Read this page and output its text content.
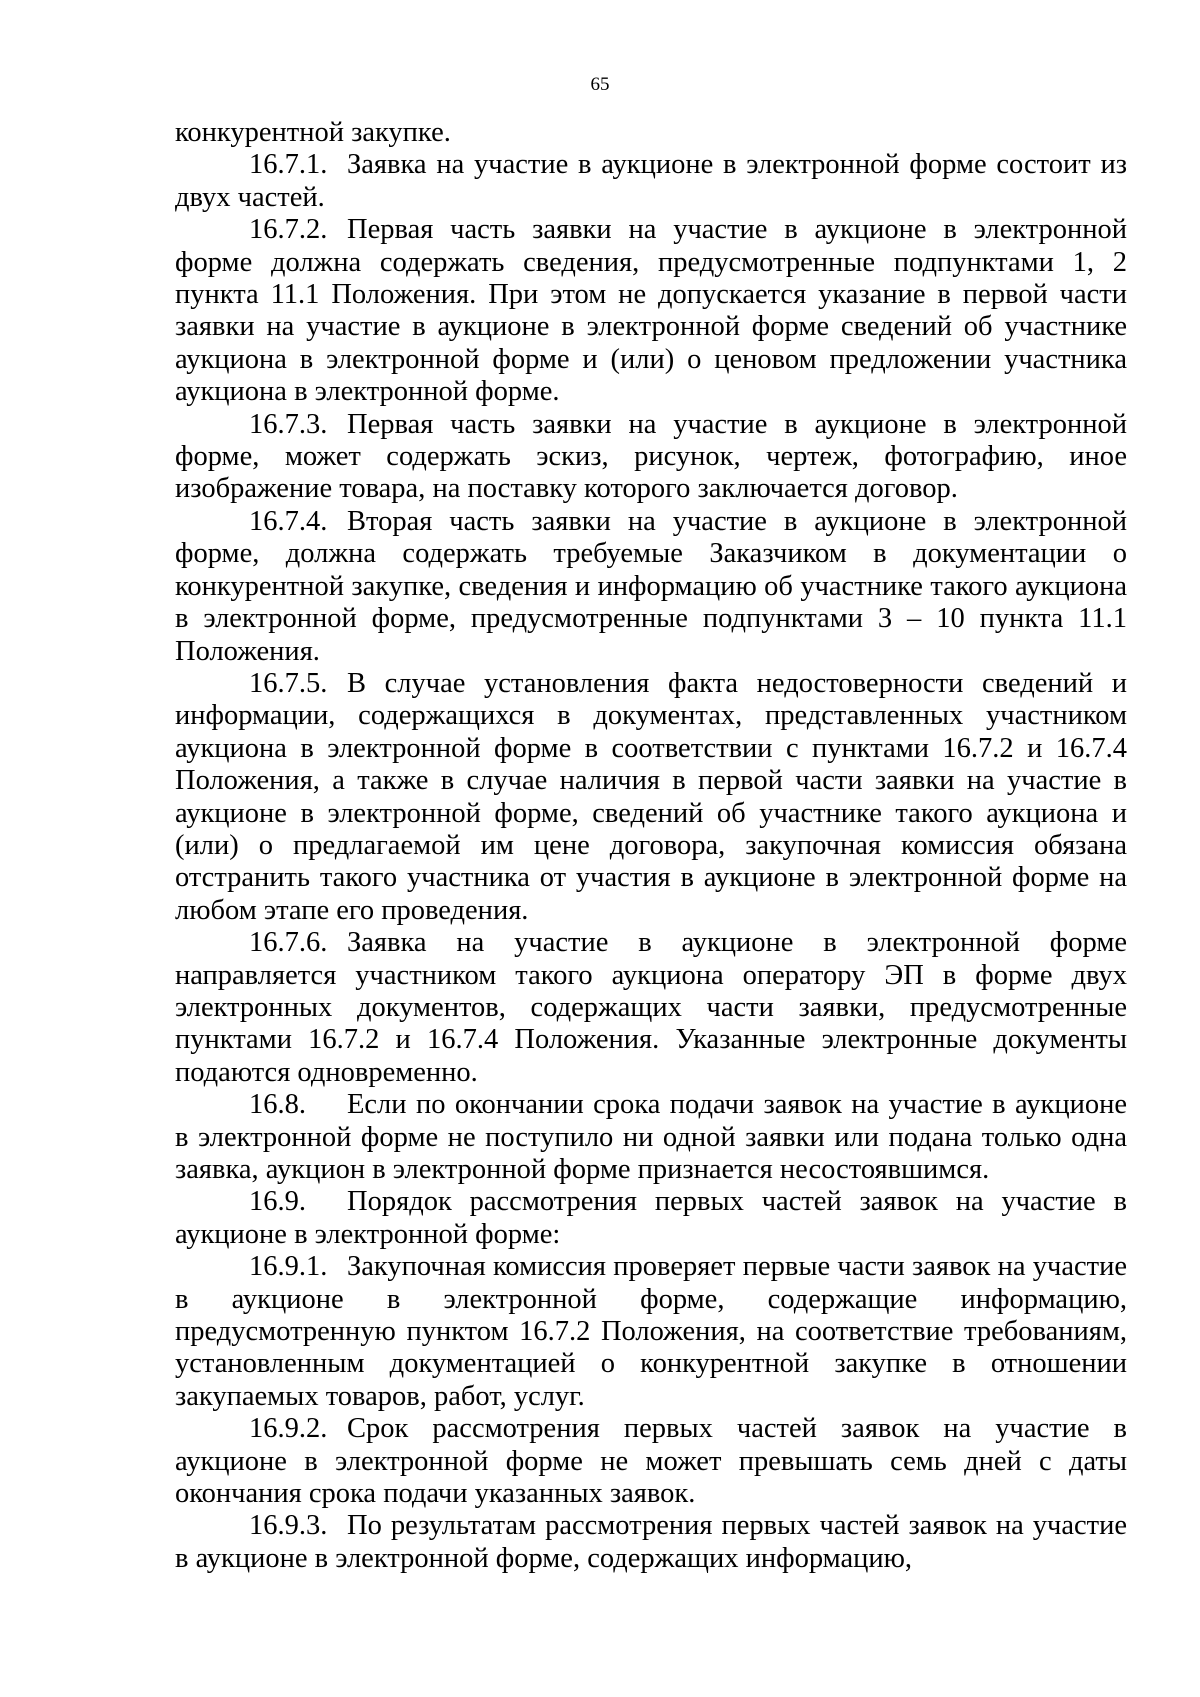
65

конкурентной закупке.

16.7.1. Заявка на участие в аукционе в электронной форме состоит из двух частей.

16.7.2. Первая часть заявки на участие в аукционе в электронной форме должна содержать сведения, предусмотренные подпунктами 1, 2 пункта 11.1 Положения. При этом не допускается указание в первой части заявки на участие в аукционе в электронной форме сведений об участнике аукциона в электронной форме и (или) о ценовом предложении участника аукциона в электронной форме.

16.7.3. Первая часть заявки на участие в аукционе в электронной форме, может содержать эскиз, рисунок, чертеж, фотографию, иное изображение товара, на поставку которого заключается договор.

16.7.4. Вторая часть заявки на участие в аукционе в электронной форме, должна содержать требуемые Заказчиком в документации о конкурентной закупке, сведения и информацию об участнике такого аукциона в электронной форме, предусмотренные подпунктами 3 – 10 пункта 11.1 Положения.

16.7.5. В случае установления факта недостоверности сведений и информации, содержащихся в документах, представленных участником аукциона в электронной форме в соответствии с пунктами 16.7.2 и 16.7.4 Положения, а также в случае наличия в первой части заявки на участие в аукционе в электронной форме, сведений об участнике такого аукциона и (или) о предлагаемой им цене договора, закупочная комиссия обязана отстранить такого участника от участия в аукционе в электронной форме на любом этапе его проведения.

16.7.6. Заявка на участие в аукционе в электронной форме направляется участником такого аукциона оператору ЭП в форме двух электронных документов, содержащих части заявки, предусмотренные пунктами 16.7.2 и 16.7.4 Положения. Указанные электронные документы подаются одновременно.

16.8. Если по окончании срока подачи заявок на участие в аукционе в электронной форме не поступило ни одной заявки или подана только одна заявка, аукцион в электронной форме признается несостоявшимся.

16.9. Порядок рассмотрения первых частей заявок на участие в аукционе в электронной форме:

16.9.1. Закупочная комиссия проверяет первые части заявок на участие в аукционе в электронной форме, содержащие информацию, предусмотренную пунктом 16.7.2 Положения, на соответствие требованиям, установленным документацией о конкурентной закупке в отношении закупаемых товаров, работ, услуг.

16.9.2. Срок рассмотрения первых частей заявок на участие в аукционе в электронной форме не может превышать семь дней с даты окончания срока подачи указанных заявок.

16.9.3. По результатам рассмотрения первых частей заявок на участие в аукционе в электронной форме, содержащих информацию,
